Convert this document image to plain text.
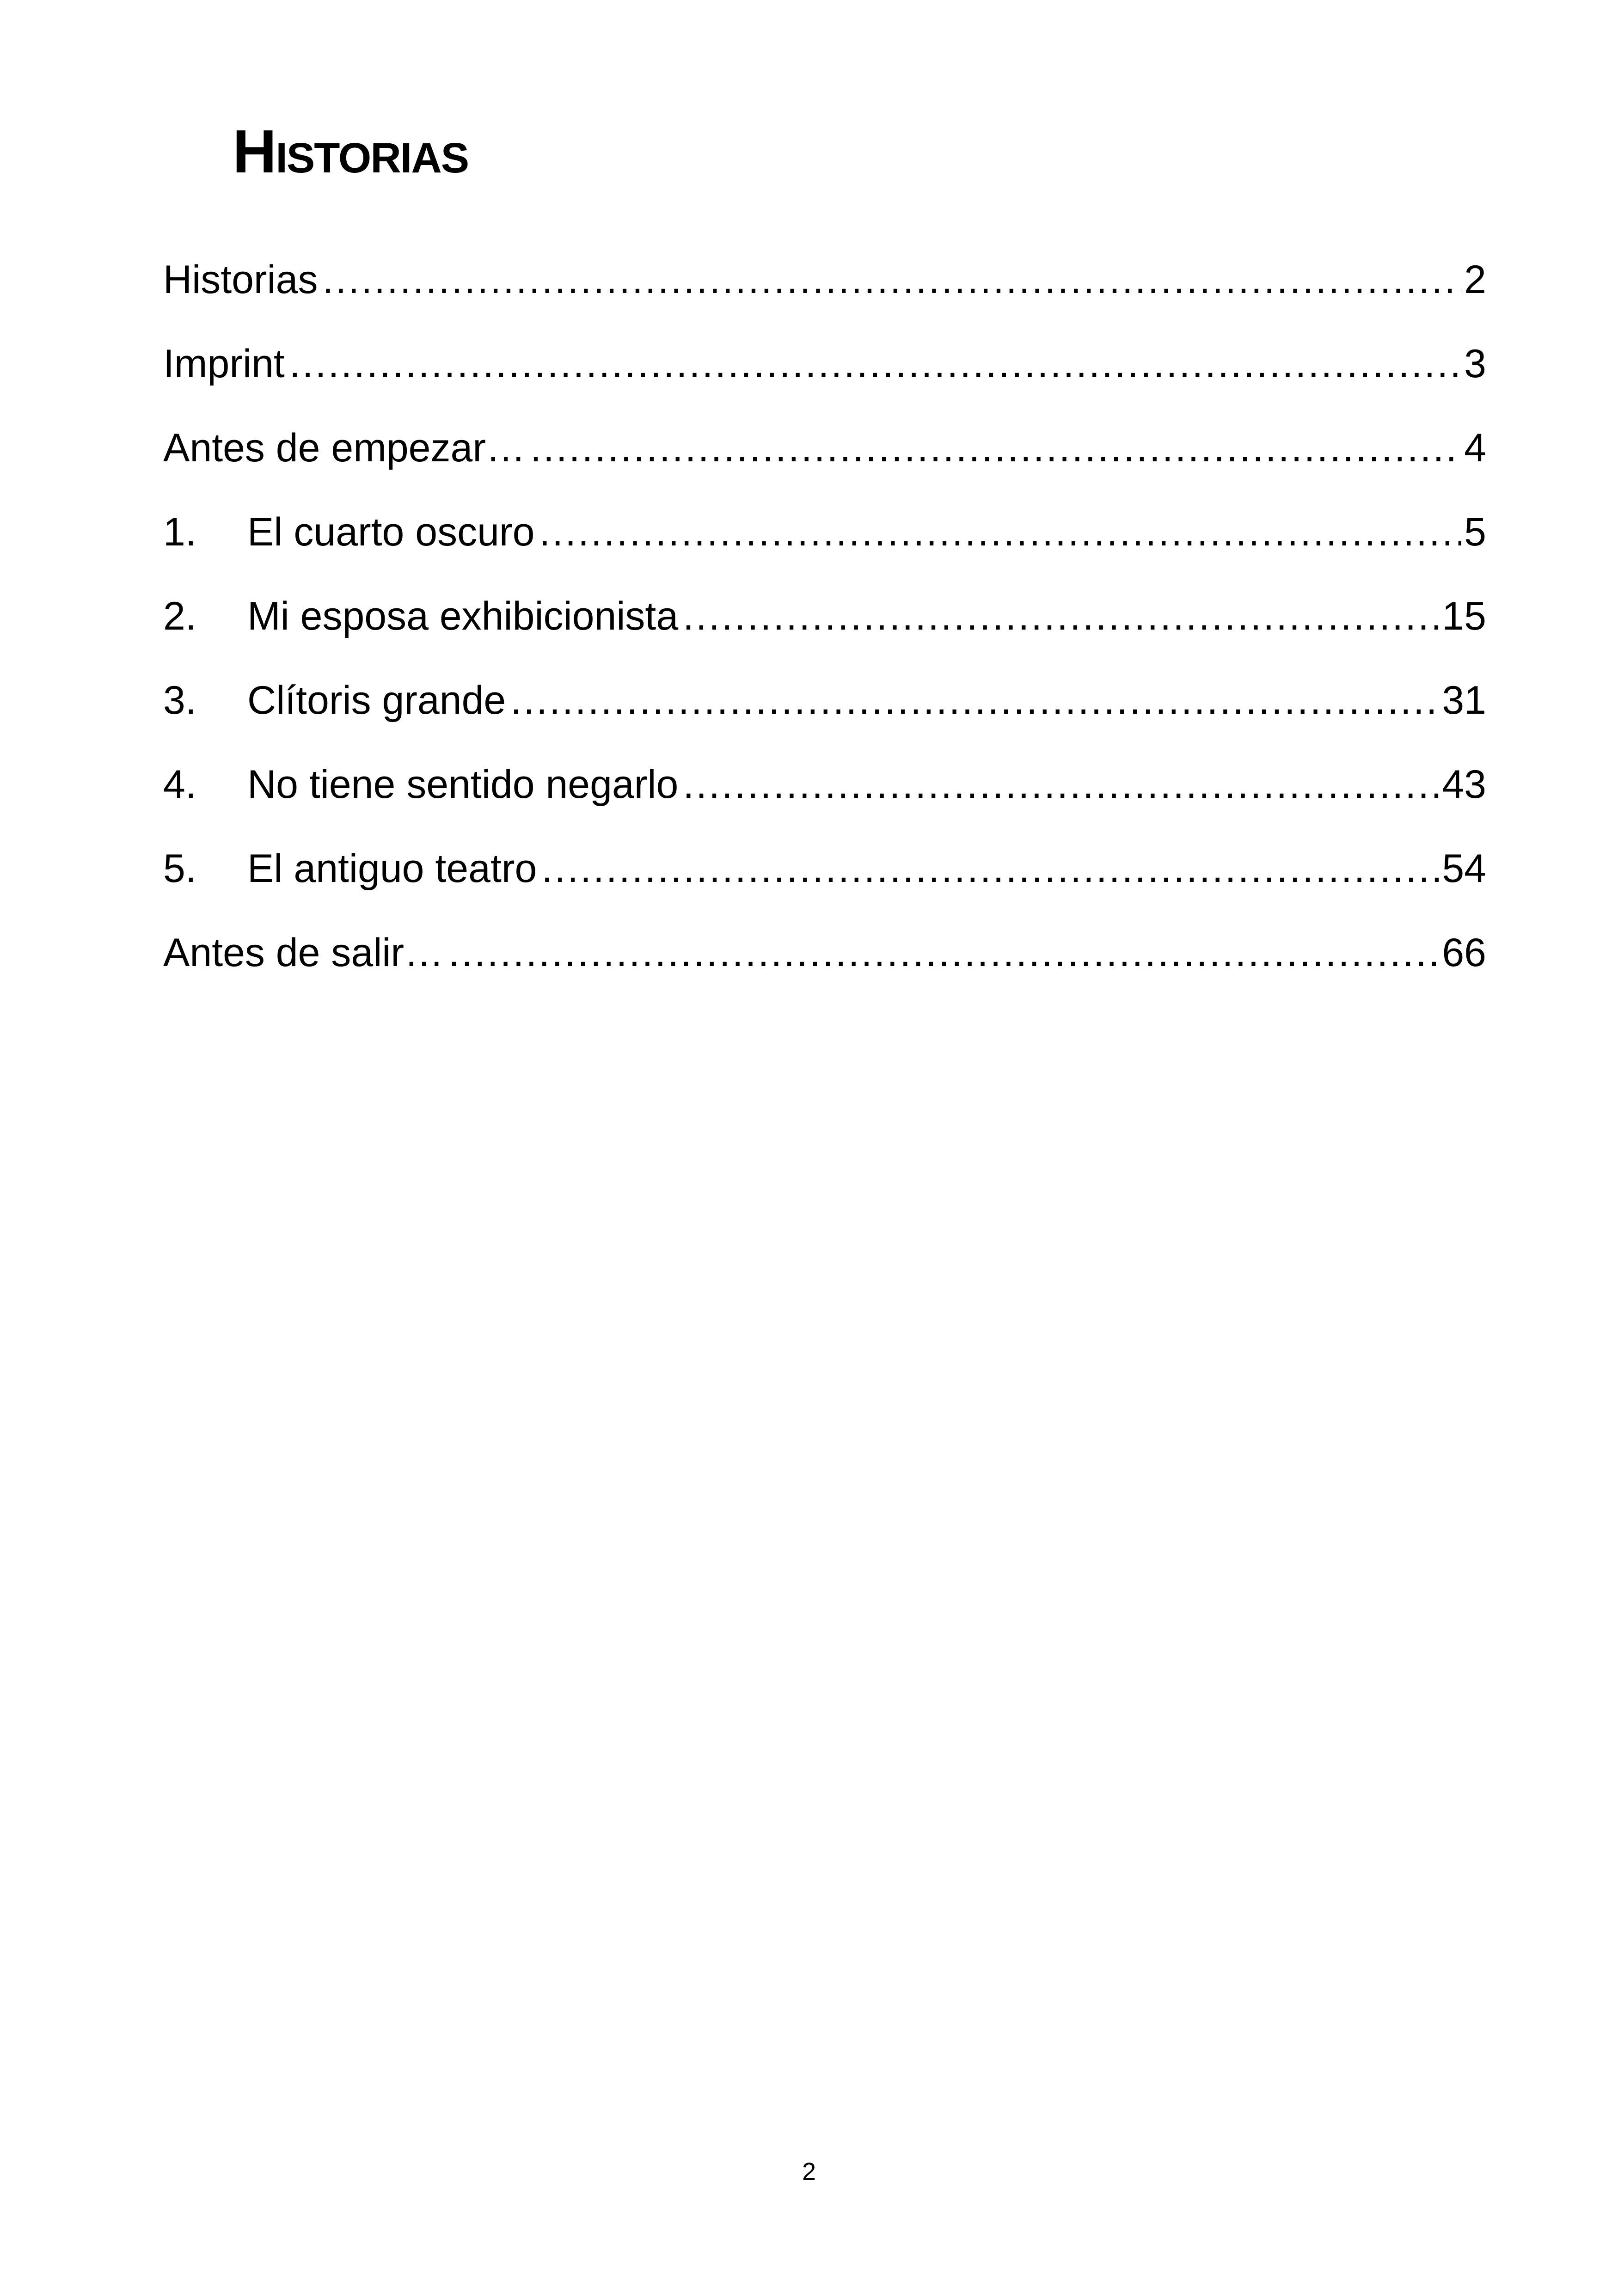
Historias
Historias .....	2
Imprint .....	3
Antes de empezar… .....	4
1.	El cuarto oscuro .....	5
2.	Mi esposa exhibicionista .....	15
3.	Clítoris grande .....	31
4.	No tiene sentido negarlo .....	43
5.	El antiguo teatro .....	54
Antes de salir… .....	66
2
